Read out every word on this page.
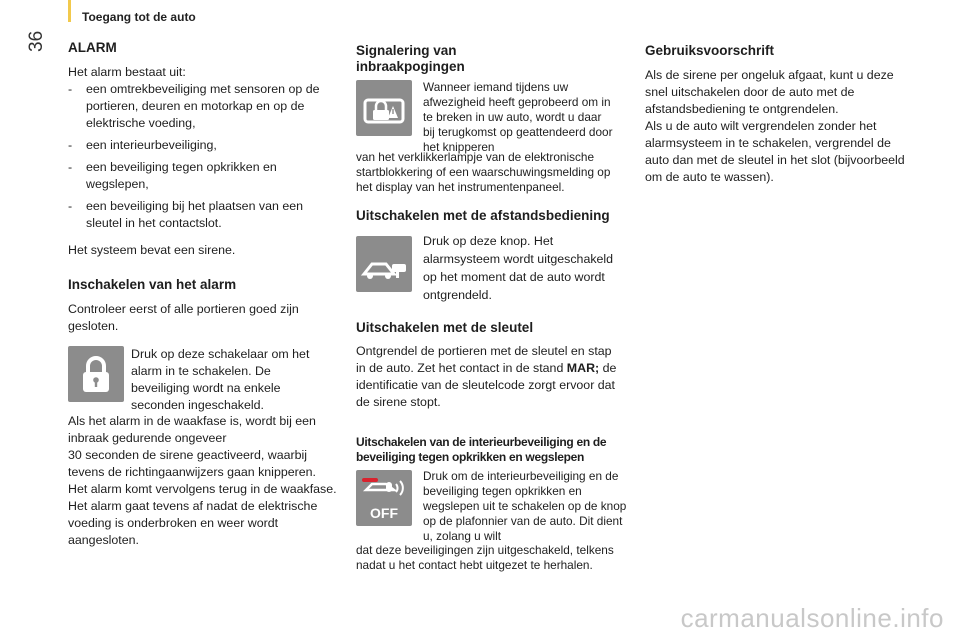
36
Toegang tot de auto
ALARM

Het alarm bestaat uit:

-	een omtrekbeveiliging met sensoren op de portieren, deuren en motorkap en op de elektrische voeding,
-	een interieurbeveiliging,
-	een beveiliging tegen opkrikken en wegslepen,
-	een beveiliging bij het plaatsen van een sleutel in het contactslot.

Het systeem bevat een sirene.

Inschakelen van het alarm

Controleer eerst of alle portieren goed zijn gesloten.

Druk op deze schakelaar om het alarm in te schakelen. De beveiliging wordt na enkele seconden ingeschakeld.

Als het alarm in de waakfase is, wordt bij een inbraak gedurende ongeveer

30 seconden de sirene geactiveerd, waarbij tevens de richtingaanwijzers gaan knipperen.

Het alarm komt vervolgens terug in de waakfase.

Het alarm gaat tevens af nadat de elektrische voeding is onderbroken en weer wordt aangesloten.

Signalering van inbraakpogingen

Wanneer iemand tijdens uw afwezigheid heeft geprobeerd om in te breken in uw auto, wordt u daar bij terugkomst op geattendeerd door het knipperen

van het verklikkerlampje van de elektronische startblokkering of een waarschuwingsmelding op het display van het instrumentenpaneel.

Uitschakelen met de afstandsbediening

Druk op deze knop. Het alarmsysteem wordt uitgeschakeld op het moment dat de auto wordt ontgrendeld.

Uitschakelen met de sleutel

Ontgrendel de portieren met de sleutel en stap in de auto. Zet het contact in de stand MAR; de identificatie van de sleutelcode zorgt ervoor dat de sirene stopt.

Uitschakelen van de interieurbeveiliging en de beveiliging tegen opkrikken en wegslepen
OFF

Druk om de interieurbeveiliging en de beveiliging tegen opkrikken en wegslepen uit te schakelen op de knop op de plafonnier van de auto. Dit dient u, zolang u wilt

dat deze beveiligingen zijn uitgeschakeld, telkens nadat u het contact hebt uitgezet te herhalen.

Gebruiksvoorschrift

Als de sirene per ongeluk afgaat, kunt u deze snel uitschakelen door de auto met de afstandsbediening te ontgrendelen.

Als u de auto wilt vergrendelen zonder het alarmsysteem in te schakelen, vergrendel de auto dan met de sleutel in het slot (bijvoorbeeld om de auto te wassen).

carmanualsonline.info
